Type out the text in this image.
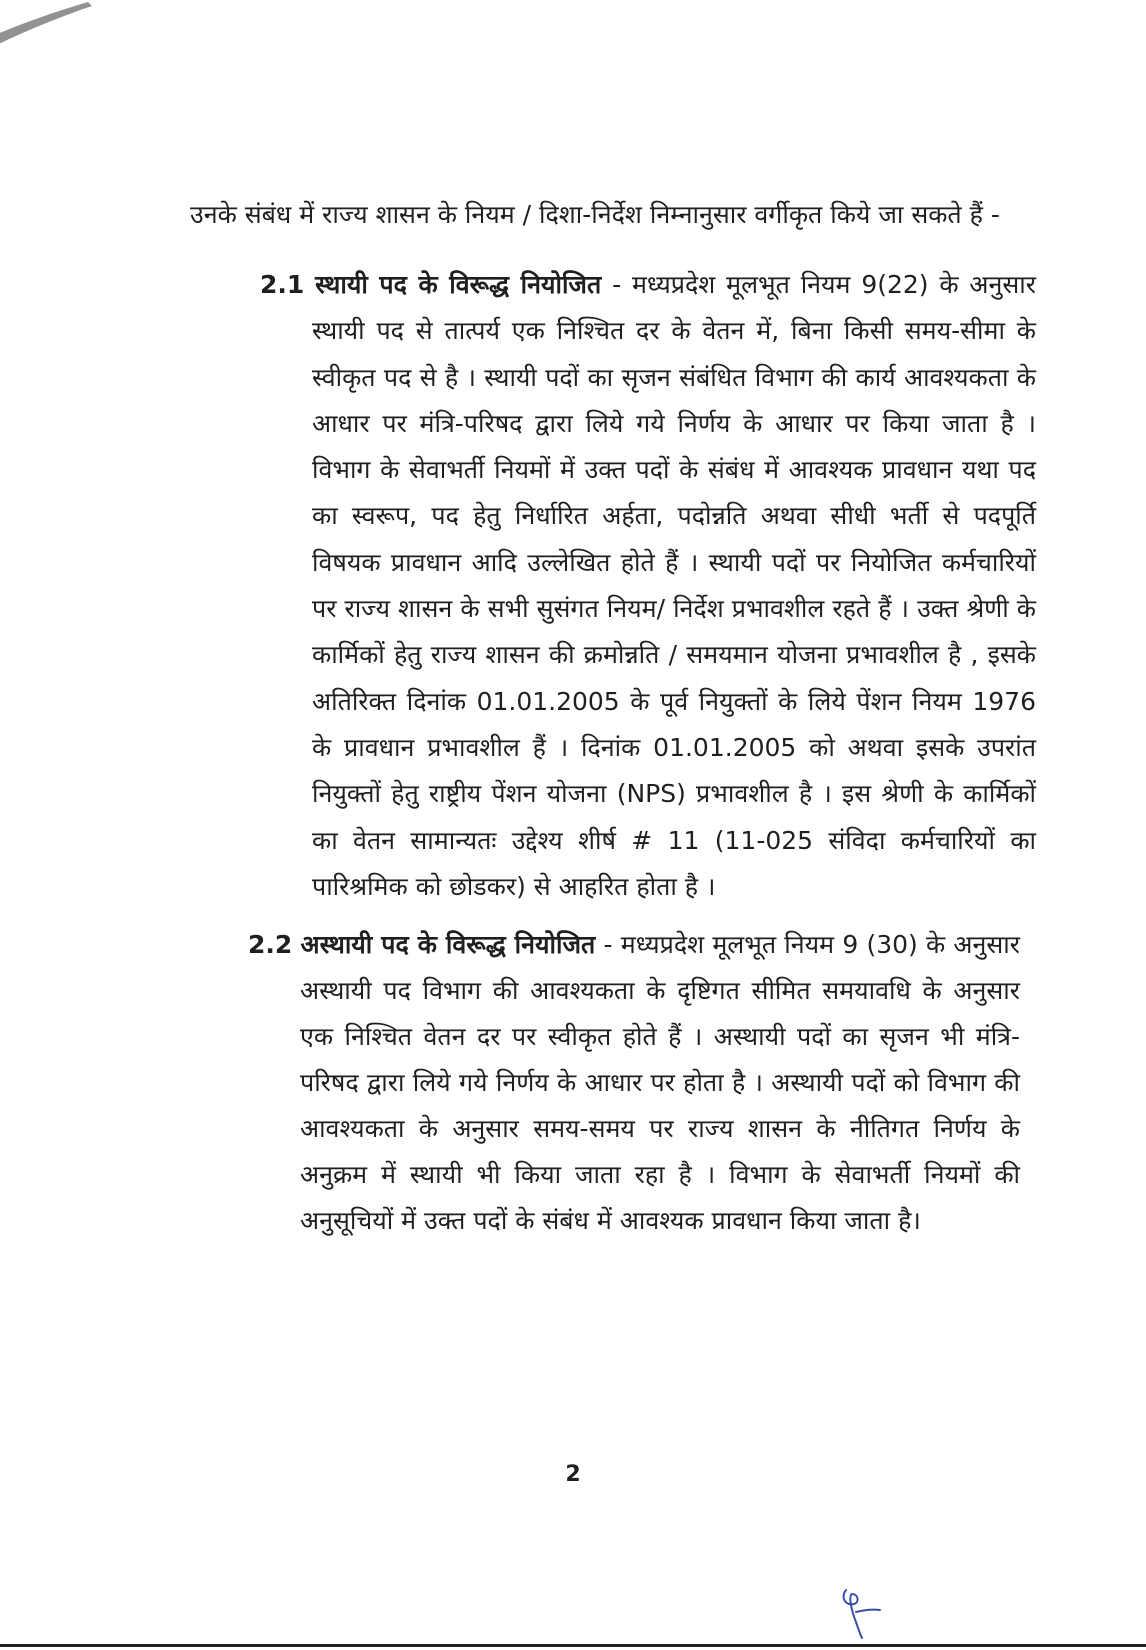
उनके संबंध में राज्य शासन के नियम / दिशा-निर्देश निम्नानुसार वर्गीकृत किये जा सकते हैं -

2.1 स्थायी पद के विरूद्ध नियोजित - मध्यप्रदेश मूलभूत नियम 9(22) के अनुसार स्थायी पद से तात्पर्य एक निश्चित दर के वेतन में, बिना किसी समय-सीमा के स्वीकृत पद से है । स्थायी पदों का सृजन संबंधित विभाग की कार्य आवश्यकता के आधार पर मंत्रि-परिषद द्वारा लिये गये निर्णय के आधार पर किया जाता है । विभाग के सेवाभर्ती नियमों में उक्त पदों के संबंध में आवश्यक प्रावधान यथा पद का स्वरूप, पद हेतु निर्धारित अर्हता, पदोन्नति अथवा सीधी भर्ती से पदपूर्ति विषयक प्रावधान आदि उल्लेखित होते हैं । स्थायी पदों पर नियोजित कर्मचारियों पर राज्य शासन के सभी सुसंगत नियम/ निर्देश प्रभावशील रहते हैं । उक्त श्रेणी के कार्मिकों हेतु राज्य शासन की क्रमोन्नति / समयमान योजना प्रभावशील है , इसके अतिरिक्त दिनांक 01.01.2005 के पूर्व नियुक्तों के लिये पेंशन नियम 1976 के प्रावधान प्रभावशील हैं । दिनांक 01.01.2005 को अथवा इसके उपरांत नियुक्तों हेतु राष्ट्रीय पेंशन योजना (NPS) प्रभावशील है । इस श्रेणी के कार्मिकों का वेतन सामान्यतः उद्देश्य शीर्ष # 11 (11-025 संविदा कर्मचारियों का पारिश्रमिक को छोडकर) से आहरित होता है ।

2.2 अस्थायी पद के विरूद्ध नियोजित - मध्यप्रदेश मूलभूत नियम 9 (30) के अनुसार अस्थायी पद विभाग की आवश्यकता के दृष्टिगत सीमित समयावधि के अनुसार एक निश्चित वेतन दर पर स्वीकृत होते हैं । अस्थायी पदों का सृजन भी मंत्रि-परिषद द्वारा लिये गये निर्णय के आधार पर होता है । अस्थायी पदों को विभाग की आवश्यकता के अनुसार समय-समय पर राज्य शासन के नीतिगत निर्णय के अनुक्रम में स्थायी भी किया जाता रहा है । विभाग के सेवाभर्ती नियमों की अनुसूचियों में उक्त पदों के संबंध में आवश्यक प्रावधान किया जाता है।

2
